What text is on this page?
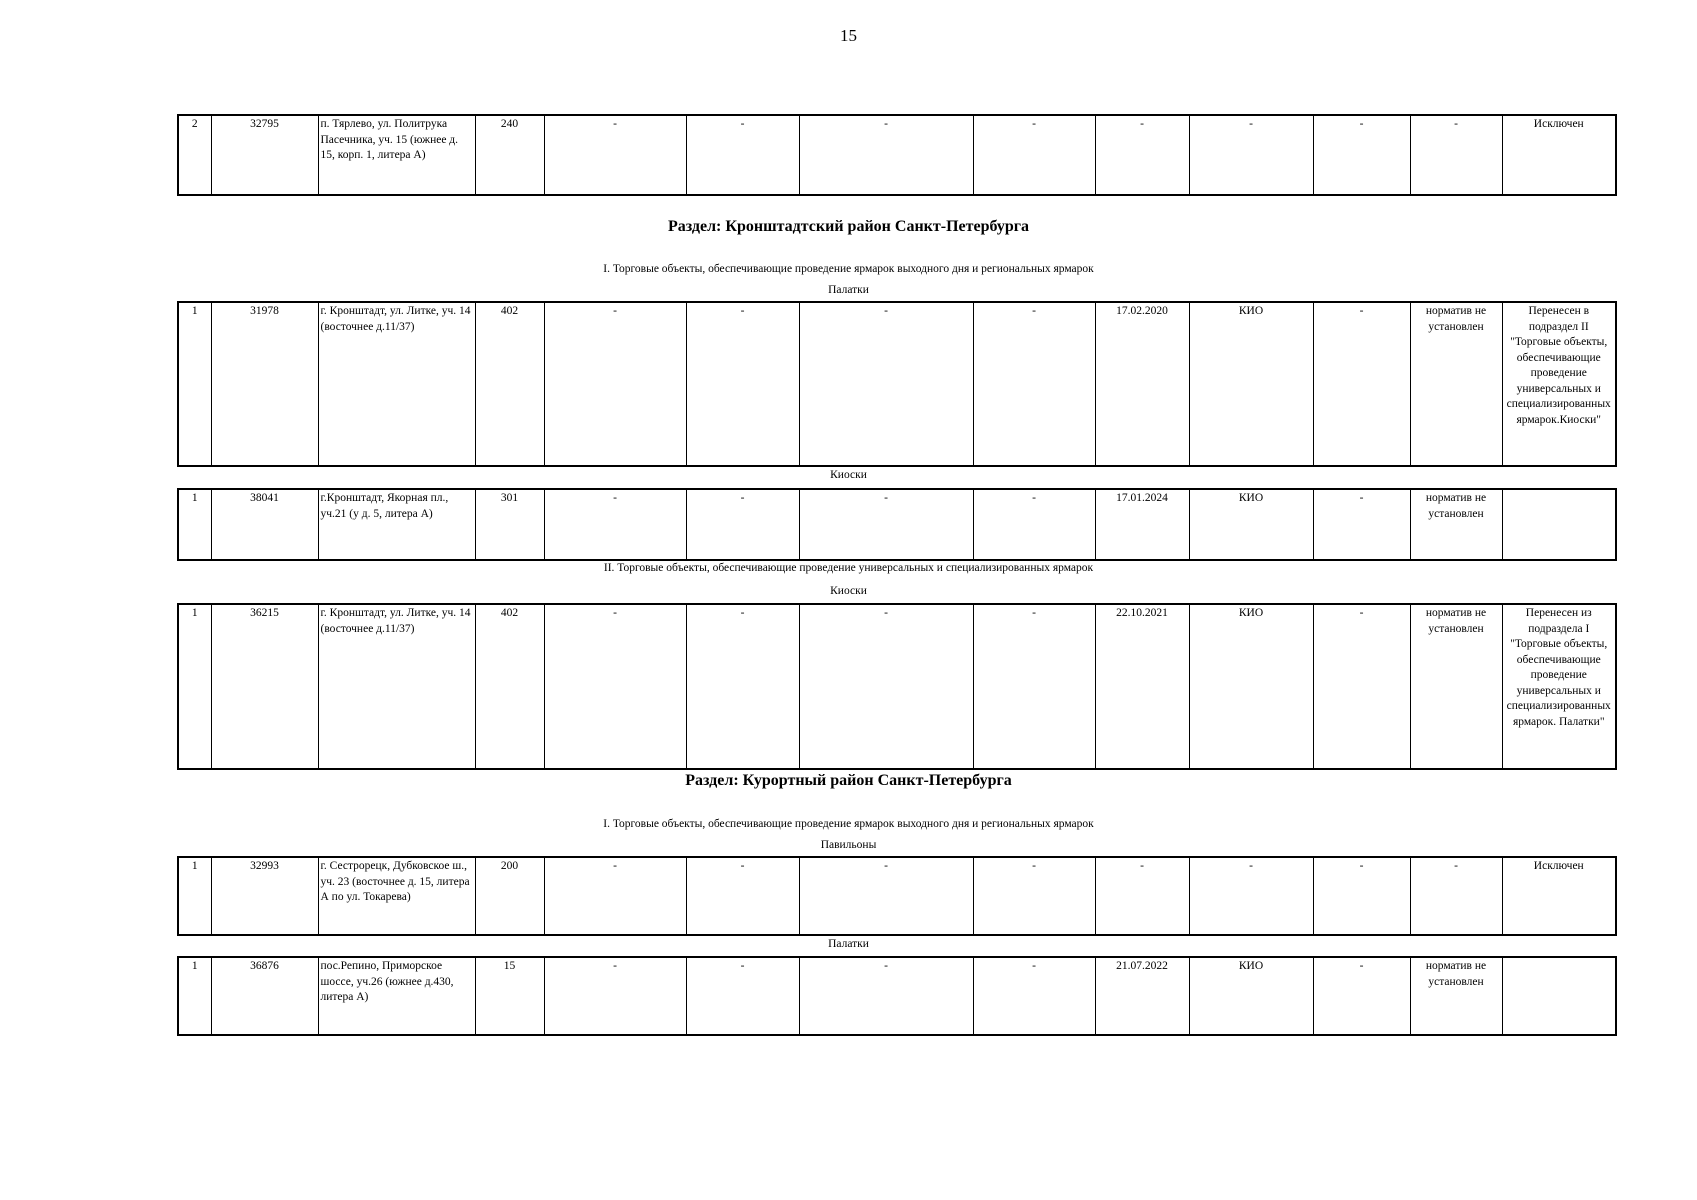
15
2	32795	п. Тярлево, ул. Политрука Пасечника, уч. 15 (южнее д. 15, корп. 1, литера А)	240	-	-	-	-	-	-	-	-	Исключен
Раздел: Кронштадтский район Санкт-Петербурга
I. Торговые объекты, обеспечивающие проведение ярмарок выходного дня и региональных ярмарок
Палатки
1	31978	г. Кронштадт, ул. Литке, уч. 14 (восточнее д.11/37)	402	-	-	-	-	17.02.2020	КИО	-	норматив не установлен	Перенесен в подраздел II "Торговые объекты, обеспечивающие проведение универсальных и специализированных ярмарок.Киоски"
Киоски
1	38041	г.Кронштадт, Якорная пл., уч.21 (у д. 5, литера А)	301	-	-	-	-	17.01.2024	КИО	-	норматив не установлен	
II. Торговые объекты, обеспечивающие проведение универсальных и специализированных ярмарок
Киоски
1	36215	г. Кронштадт, ул. Литке, уч. 14 (восточнее д.11/37)	402	-	-	-	-	22.10.2021	КИО	-	норматив не установлен	Перенесен из подраздела I "Торговые объекты, обеспечивающие проведение универсальных и специализированных ярмарок. Палатки"
Раздел: Курортный район Санкт-Петербурга
I. Торговые объекты, обеспечивающие проведение ярмарок выходного дня и региональных ярмарок
Павильоны
1	32993	г. Сестрорецк, Дубковское ш., уч. 23 (восточнее д. 15, литера А по ул. Токарева)	200	-	-	-	-	-	-	-	-	Исключен
Палатки
1	36876	пос.Репино, Приморское шоссе, уч.26 (южнее д.430, литера А)	15	-	-	-	-	21.07.2022	КИО	-	норматив не установлен	
